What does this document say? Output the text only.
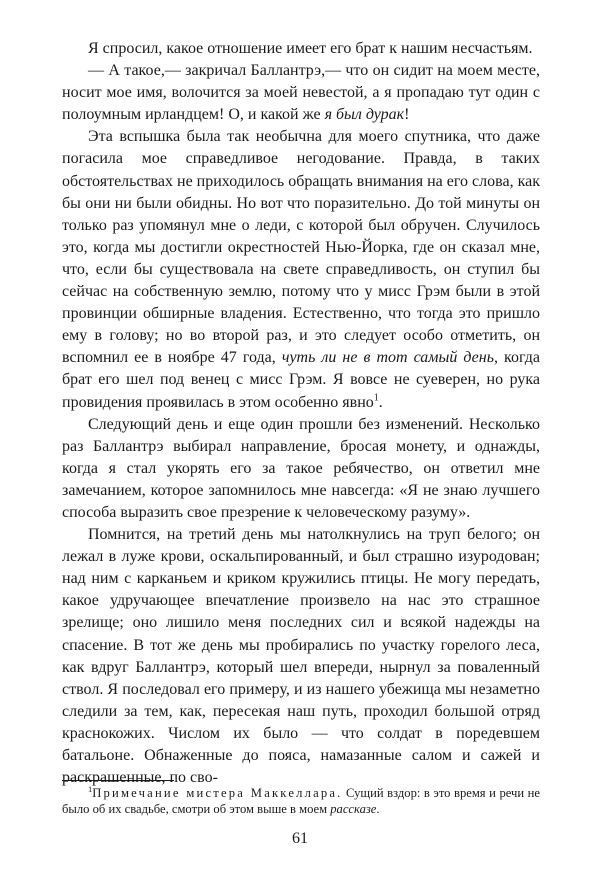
Я спросил, какое отношение имеет его брат к нашим несчастьям.

— А такое,— закричал Баллантрэ,— что он сидит на моем месте, носит мое имя, волочится за моей невестой, а я пропадаю тут один с полоумным ирландцем! О, и какой же я был дурак!

Эта вспышка была так необычна для моего спутника, что даже погасила мое справедливое негодование. Правда, в таких обстоятельствах не приходилось обращать внимания на его слова, как бы они ни были обидны. Но вот что поразительно. До той минуты он только раз упомянул мне о леди, с которой был обручен. Случилось это, когда мы достигли окрестностей Нью-Йорка, где он сказал мне, что, если бы существовала на свете справедливость, он ступил бы сейчас на собственную землю, потому что у мисс Грэм были в этой провинции обширные владения. Естественно, что тогда это пришло ему в голову; но во второй раз, и это следует особо отметить, он вспомнил ее в ноябре 47 года, чуть ли не в тот самый день, когда брат его шел под венец с мисс Грэм. Я вовсе не суеверен, но рука провидения проявилась в этом особенно явно$^1$.

Следующий день и еще один прошли без изменений. Несколько раз Баллантрэ выбирал направление, бросая монету, и однажды, когда я стал укорять его за такое ребячество, он ответил мне замечанием, которое запомнилось мне навсегда: «Я не знаю лучшего способа выразить свое презрение к человеческому разуму».

Помнится, на третий день мы натолкнулись на труп белого; он лежал в луже крови, оскальпированный, и был страшно изуродован; над ним с карканьем и криком кружились птицы. Не могу передать, какое удручающее впечатление произвело на нас это страшное зрелище; оно лишило меня последних сил и всякой надежды на спасение. В тот же день мы пробирались по участку горелого леса, как вдруг Баллантрэ, который шел впереди, нырнул за поваленный ствол. Я последовал его примеру, и из нашего убежища мы незаметно следили за тем, как, пересекая наш путь, проходил большой отряд краснокожих. Числом их было — что солдат в поредевшем батальоне. Обнаженные до пояса, намазанные салом и сажей и раскрашенные, по сво-

$^1$Примечание мистера Маккеллара. Сущий вздор: в это время и речи не было об их свадьбе, смотри об этом выше в моем рассказе.
61
